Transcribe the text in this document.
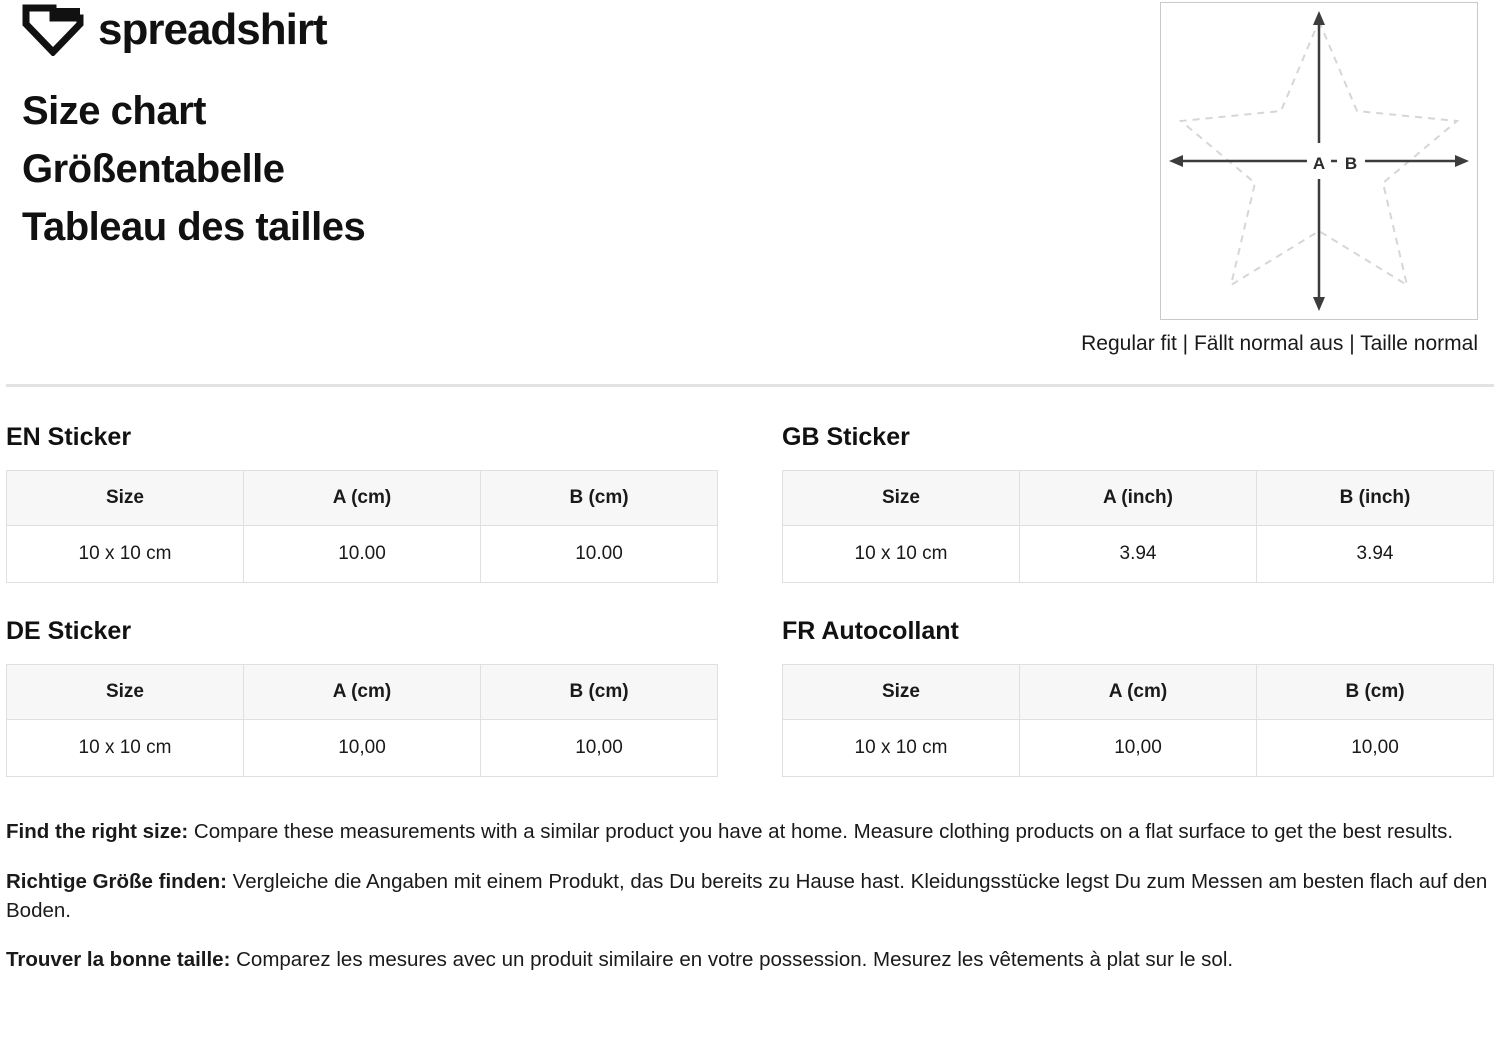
spreadshirt
Size chart
Größentabelle
Tableau des tailles
A B
Regular fit | Fällt normal aus | Taille normal
EN Sticker
Size	A (cm)	B (cm)
10 x 10 cm	10.00	10.00
GB Sticker
Size	A (inch)	B (inch)
10 x 10 cm	3.94	3.94
DE Sticker
Size	A (cm)	B (cm)
10 x 10 cm	10,00	10,00
FR Autocollant
Size	A (cm)	B (cm)
10 x 10 cm	10,00	10,00

Find the right size: Compare these measurements with a similar product you have at home. Measure clothing products on a flat surface to get the best results.

Richtige Größe finden: Vergleiche die Angaben mit einem Produkt, das Du bereits zu Hause hast. Kleidungsstücke legst Du zum Messen am besten flach auf den Boden.

Trouver la bonne taille: Comparez les mesures avec un produit similaire en votre possession. Mesurez les vêtements à plat sur le sol.
